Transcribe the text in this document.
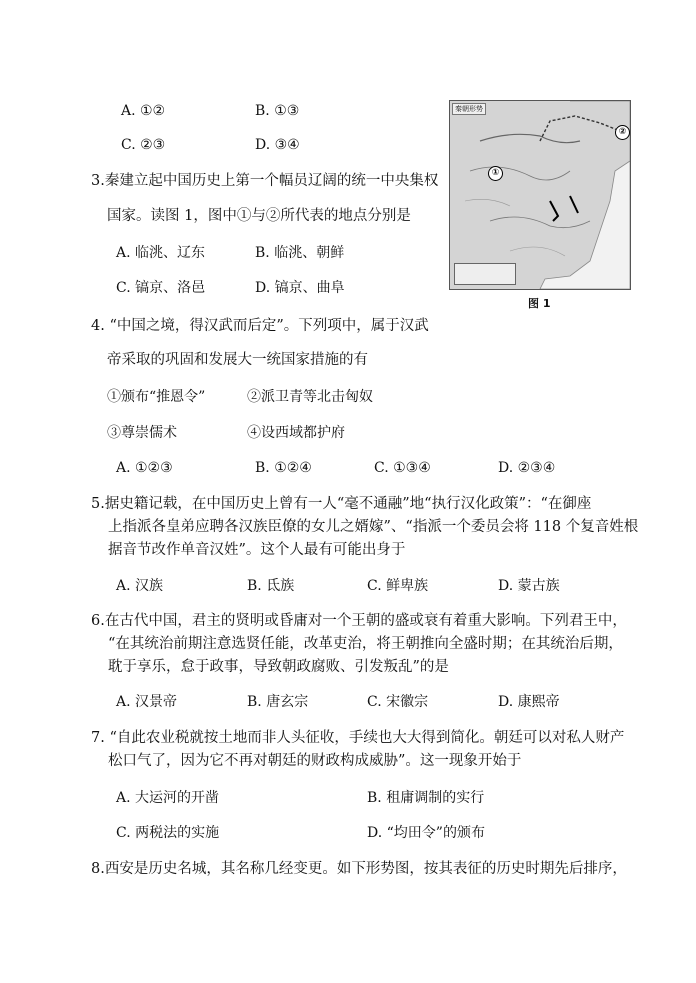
A. ①②	B. ①③
C. ②③	D. ③④
秦朝形势
①
②
图 1
3.秦建立起中国历史上第一个幅员辽阔的统一中央集权
国家。读图 1，图中①与②所代表的地点分别是
A. 临洮、辽东	B. 临洮、朝鲜
C. 镐京、洛邑	D. 镐京、曲阜
4. “中国之境，得汉武而后定”。下列项中，属于汉武
帝采取的巩固和发展大一统国家措施的有
①颁布“推恩令”	②派卫青等北击匈奴
③尊崇儒术	④设西域都护府
A. ①②③	B. ①②④	C. ①③④	D. ②③④
5.据史籍记载，在中国历史上曾有一人“毫不通融”地“执行汉化政策”：“在御座
上指派各皇弟应聘各汉族臣僚的女儿之婿嫁”、“指派一个委员会将 118 个复音姓根
据音节改作单音汉姓”。这个人最有可能出身于
A. 汉族	B. 氐族	C. 鲜卑族	D. 蒙古族
6.在古代中国，君主的贤明或昏庸对一个王朝的盛或衰有着重大影响。下列君王中，
“在其统治前期注意选贤任能，改革吏治，将王朝推向全盛时期；在其统治后期，
耽于享乐，怠于政事，导致朝政腐败、引发叛乱”的是
A. 汉景帝	B. 唐玄宗	C. 宋徽宗	D. 康熙帝
7. “自此农业税就按土地而非人头征收，手续也大大得到简化。朝廷可以对私人财产
松口气了，因为它不再对朝廷的财政构成威胁”。这一现象开始于
A. 大运河的开凿	B. 租庸调制的实行
C. 两税法的实施	D. “均田令”的颁布
8.西安是历史名城，其名称几经变更。如下形势图，按其表征的历史时期先后排序，
